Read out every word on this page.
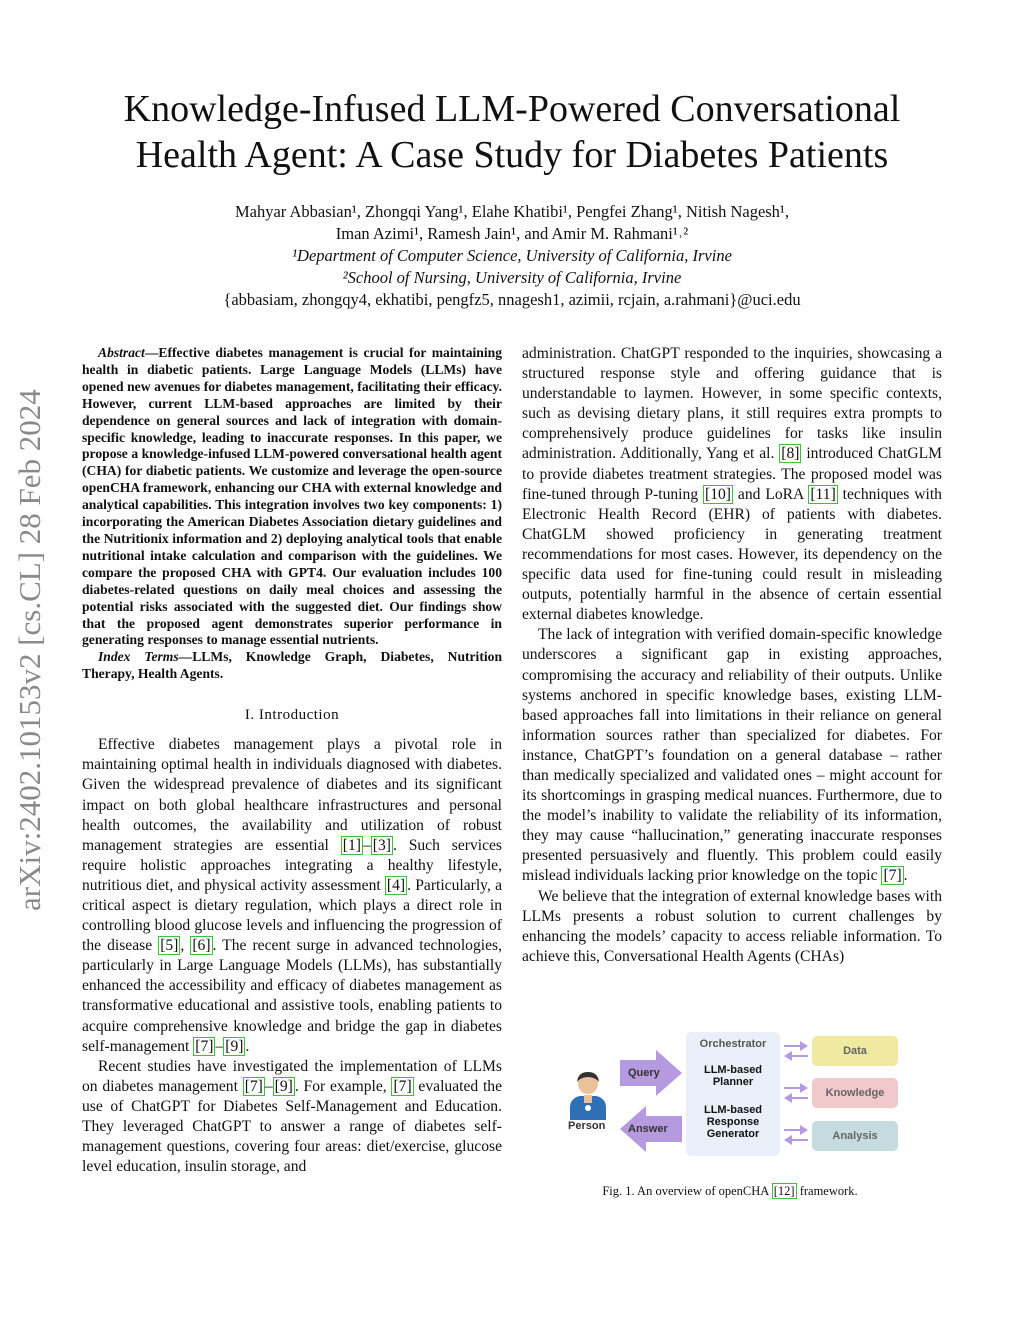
arXiv:2402.10153v2 [cs.CL] 28 Feb 2024
Knowledge-Infused LLM-Powered Conversational Health Agent: A Case Study for Diabetes Patients
Mahyar Abbasian¹, Zhongqi Yang¹, Elahe Khatibi¹, Pengfei Zhang¹, Nitish Nagesh¹,
Iman Azimi¹, Ramesh Jain¹, and Amir M. Rahmani¹˒²
¹Department of Computer Science, University of California, Irvine
²School of Nursing, University of California, Irvine
{abbasiam, zhongqy4, ekhatibi, pengfz5, nnagesh1, azimii, rcjain, a.rahmani}@uci.edu

Abstract—Effective diabetes management is crucial for maintaining health in diabetic patients. Large Language Models (LLMs) have opened new avenues for diabetes management, facilitating their efficacy. However, current LLM-based approaches are limited by their dependence on general sources and lack of integration with domain-specific knowledge, leading to inaccurate responses. In this paper, we propose a knowledge-infused LLM-powered conversational health agent (CHA) for diabetic patients. We customize and leverage the open-source openCHA framework, enhancing our CHA with external knowledge and analytical capabilities. This integration involves two key components: 1) incorporating the American Diabetes Association dietary guidelines and the Nutritionix information and 2) deploying analytical tools that enable nutritional intake calculation and comparison with the guidelines. We compare the proposed CHA with GPT4. Our evaluation includes 100 diabetes-related questions on daily meal choices and assessing the potential risks associated with the suggested diet. Our findings show that the proposed agent demonstrates superior performance in generating responses to manage essential nutrients.

Index Terms—LLMs, Knowledge Graph, Diabetes, Nutrition Therapy, Health Agents.

I. Introduction

Effective diabetes management plays a pivotal role in maintaining optimal health in individuals diagnosed with diabetes. Given the widespread prevalence of diabetes and its significant impact on both global healthcare infrastructures and personal health outcomes, the availability and utilization of robust management strategies are essential [1] – [3] . Such services require holistic approaches integrating a healthy lifestyle, nutritious diet, and physical activity assessment [4] . Particularly, a critical aspect is dietary regulation, which plays a direct role in controlling blood glucose levels and influencing the progression of the disease [5] , [6] . The recent surge in advanced technologies, particularly in Large Language Models (LLMs), has substantially enhanced the accessibility and efficacy of diabetes management as transformative educational and assistive tools, enabling patients to acquire comprehensive knowledge and bridge the gap in diabetes self-management [7] – [9] .

Recent studies have investigated the implementation of LLMs on diabetes management [7] – [9] . For example, [7] evaluated the use of ChatGPT for Diabetes Self-Management and Education. They leveraged ChatGPT to answer a range of diabetes self-management questions, covering four areas: diet/exercise, glucose level education, insulin storage, and

administration. ChatGPT responded to the inquiries, showcasing a structured response style and offering guidance that is understandable to laymen. However, in some specific contexts, such as devising dietary plans, it still requires extra prompts to comprehensively produce guidelines for tasks like insulin administration. Additionally, Yang et al. [8] introduced ChatGLM to provide diabetes treatment strategies. The proposed model was fine-tuned through P-tuning [10] and LoRA [11] techniques with Electronic Health Record (EHR) of patients with diabetes. ChatGLM showed proficiency in generating treatment recommendations for most cases. However, its dependency on the specific data used for fine-tuning could result in misleading outputs, potentially harmful in the absence of certain essential external diabetes knowledge.

The lack of integration with verified domain-specific knowledge underscores a significant gap in existing approaches, compromising the accuracy and reliability of their outputs. Unlike systems anchored in specific knowledge bases, existing LLM-based approaches fall into limitations in their reliance on general information sources rather than specialized for diabetes. For instance, ChatGPT’s foundation on a general database – rather than medically specialized and validated ones – might account for its shortcomings in grasping medical nuances. Furthermore, due to the model’s inability to validate the reliability of its information, they may cause “hallucination,” generating inaccurate responses presented persuasively and fluently. This problem could easily mislead individuals lacking prior knowledge on the topic [7] .

We believe that the integration of external knowledge bases with LLMs presents a robust solution to current challenges by enhancing the models’ capacity to access reliable information. To achieve this, Conversational Health Agents (CHAs)

Person
Query
Answer
Orchestrator
LLM-based Planner
LLM-based Response Generator
Data
Knowledge
Analysis
Fig. 1. An overview of openCHA [12] framework.
